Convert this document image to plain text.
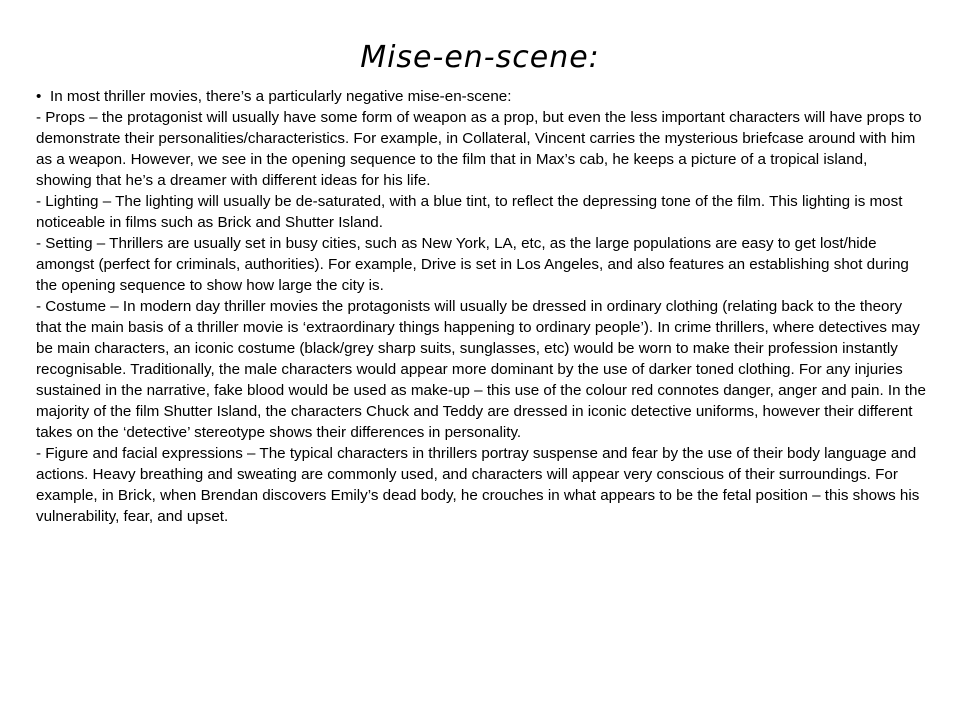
Mise-en-scene:

• In most thriller movies, there’s a particularly negative mise-en-scene:

- Props – the protagonist will usually have some form of weapon as a prop, but even the less important characters will have props to demonstrate their personalities/characteristics. For example, in Collateral, Vincent carries the mysterious briefcase around with him as a weapon. However, we see in the opening sequence to the film that in Max’s cab, he keeps a picture of a tropical island, showing that he’s a dreamer with different ideas for his life.

- Lighting – The lighting will usually be de-saturated, with a blue tint, to reflect the depressing tone of the film. This lighting is most noticeable in films such as Brick and Shutter Island.

- Setting – Thrillers are usually set in busy cities, such as New York, LA, etc, as the large populations are easy to get lost/hide amongst (perfect for criminals, authorities). For example, Drive is set in Los Angeles, and also features an establishing shot during the opening sequence to show how large the city is.

- Costume – In modern day thriller movies the protagonists will usually be dressed in ordinary clothing (relating back to the theory that the main basis of a thriller movie is ‘extraordinary things happening to ordinary people’). In crime thrillers, where detectives may be main characters, an iconic costume (black/grey sharp suits, sunglasses, etc) would be worn to make their profession instantly recognisable. Traditionally, the male characters would appear more dominant by the use of darker toned clothing. For any injuries sustained in the narrative, fake blood would be used as make-up – this use of the colour red connotes danger, anger and pain. In the majority of the film Shutter Island, the characters Chuck and Teddy are dressed in iconic detective uniforms, however their different takes on the ‘detective’ stereotype shows their differences in personality.

- Figure and facial expressions – The typical characters in thrillers portray suspense and fear by the use of their body language and actions. Heavy breathing and sweating are commonly used, and characters will appear very conscious of their surroundings. For example, in Brick, when Brendan discovers Emily’s dead body, he crouches in what appears to be the fetal position – this shows his vulnerability, fear, and upset.
